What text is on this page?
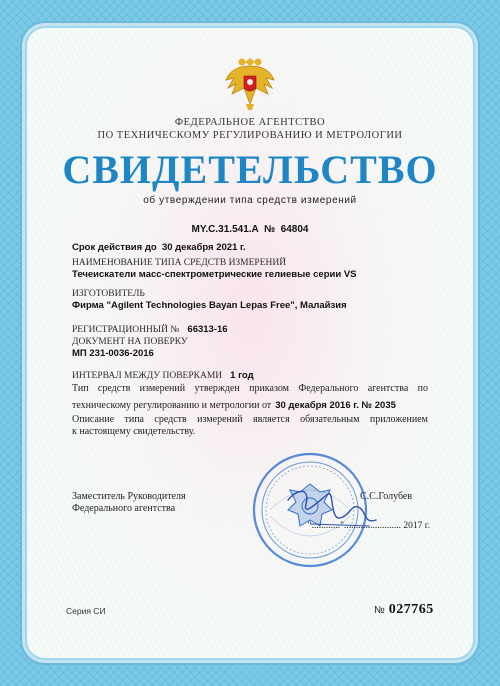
ФЕДЕРАЛЬНОЕ АГЕНТСТВО
ПО ТЕХНИЧЕСКОМУ РЕГУЛИРОВАНИЮ И МЕТРОЛОГИИ
СВИДЕТЕЛЬСТВО
об утверждении типа средств измерений
MY.C.31.541.A  №  64804
Срок действия до 30 декабря 2021 г.
НАИМЕНОВАНИЕ ТИПА СРЕДСТВ ИЗМЕРЕНИЙ
Течеискатели масс-спектрометрические гелиевые серии VS
ИЗГОТОВИТЕЛЬ
Фирма "Agilent Technologies Bayan Lepas Free", Малайзия
РЕГИСТРАЦИОННЫЙ № 66313-16
ДОКУМЕНТ НА ПОВЕРКУ
МП 231-0036-2016
ИНТЕРВАЛ МЕЖДУ ПОВЕРКАМИ 1 год
Тип средств измерений утвержден приказом Федерального агентства по
техническому регулированию и метрологии от 30 декабря 2016 г. № 2035
Описание типа средств измерений является обязательным приложением
к настоящему свидетельству.
Заместитель Руководителя
Федерального агентства
С.С.Голубев
"............"........................ 2017 г.
Серия СИ	№ 027765
